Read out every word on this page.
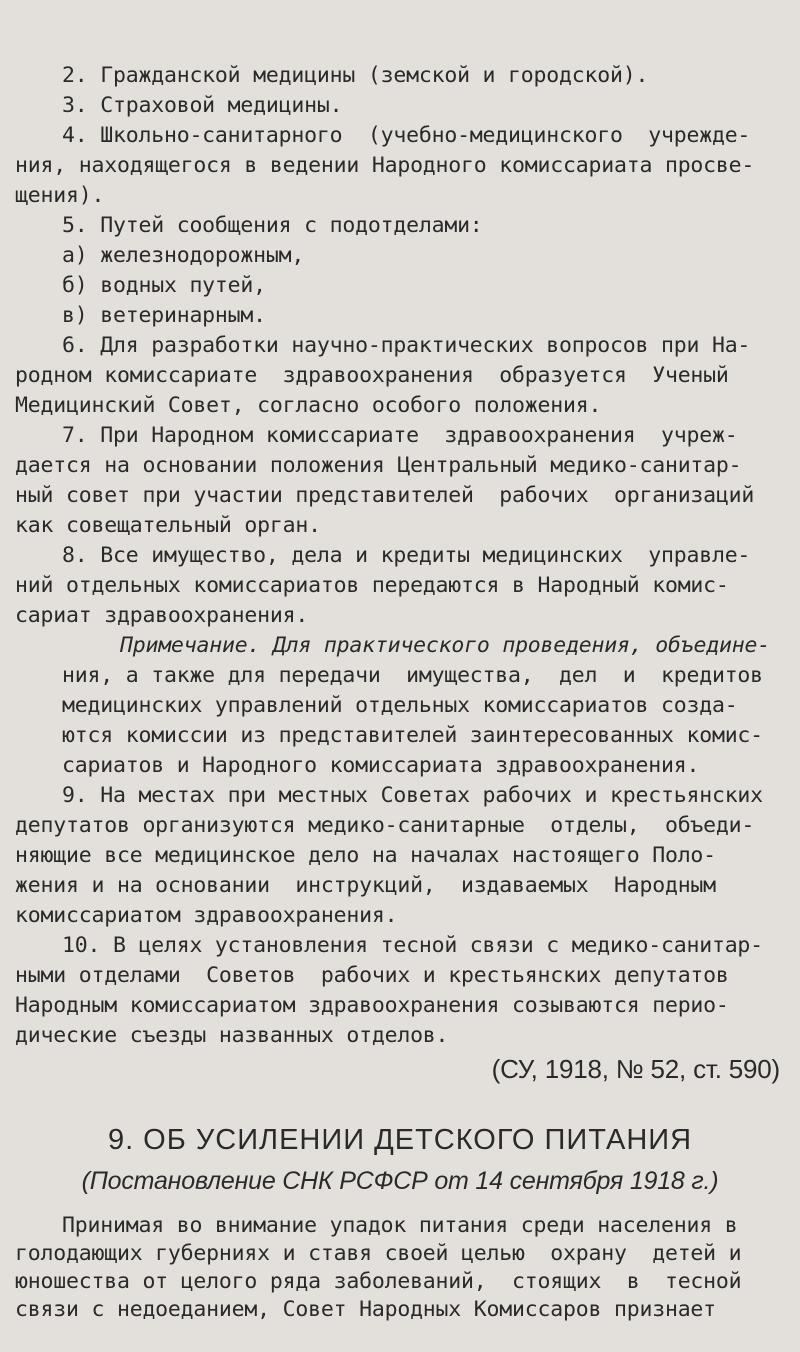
2. Гражданской медицины (земской и городской).
3. Страховой медицины.
4. Школьно-санитарного  (учебно-медицинского  учрежде-
ния, находящегося в ведении Народного комиссариата просве-
щения).
5. Путей сообщения с подотделами:
а) железнодорожным,
б) водных путей,
в) ветеринарным.
6. Для разработки научно-практических вопросов при На-
родном комиссариате  здравоохранения  образуется  Ученый
Медицинский Совет, согласно особого положения.
7. При Народном комиссариате  здравоохранения  учреж-
дается на основании положения Центральный медико-санитар-
ный совет при участии представителей  рабочих  организаций
как совещательный орган.
8. Все имущество, дела и кредиты медицинских  управле-
ний отдельных комиссариатов передаются в Народный комис-
сариат здравоохранения.
Примечание. Для практического проведения, объедине-
ния, а также для передачи  имущества,  дел  и  кредитов
медицинских управлений отдельных комиссариатов созда-
ются комиссии из представителей заинтересованных комис-
сариатов и Народного комиссариата здравоохранения.
9. На местах при местных Советах рабочих и крестьянских
депутатов организуются медико-санитарные  отделы,  объеди-
няющие все медицинское дело на началах настоящего Поло-
жения и на основании  инструкций,  издаваемых  Народным
комиссариатом здравоохранения.
10. В целях установления тесной связи с медико-санитар-
ными отделами  Советов  рабочих и крестьянских депутатов
Народным комиссариатом здравоохранения созываются перио-
дические съезды названных отделов.
(СУ, 1918, № 52, ст. 590)
9. ОБ УСИЛЕНИИ ДЕТСКОГО ПИТАНИЯ
(Постановление СНК РСФСР от 14 сентября 1918 г.)
Принимая во внимание упадок питания среди населения в
голодающих губерниях и ставя своей целью  охрану  детей и
юношества от целого ряда заболеваний,  стоящих  в  тесной
связи с недоеданием, Совет Народных Комиссаров признает
